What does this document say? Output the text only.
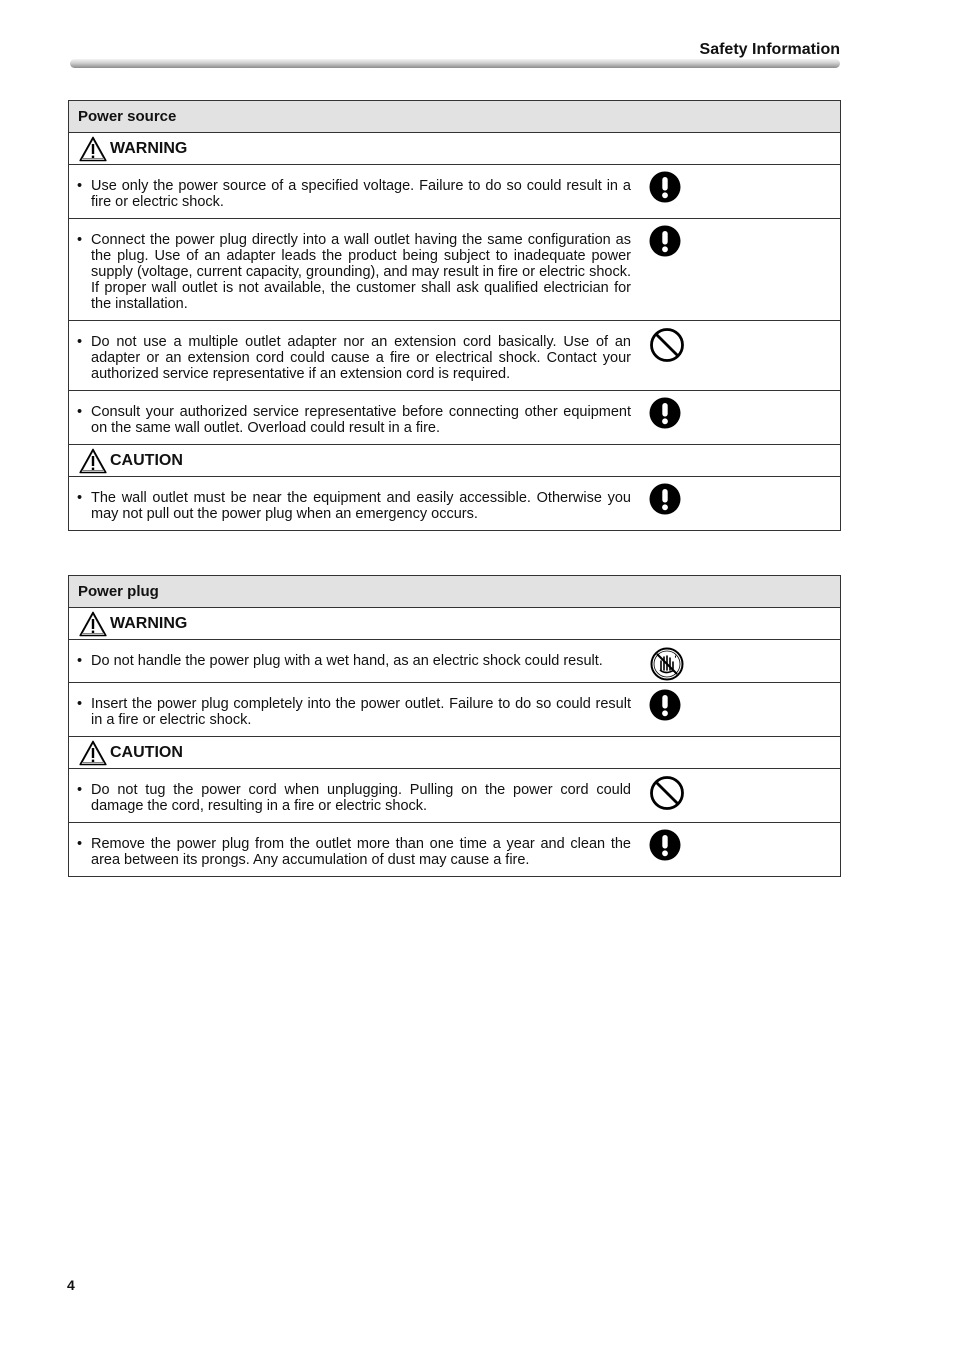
Safety Information
Power source

WARNING

• Use only the power source of a specified voltage. Failure to do so could result in a fire or electric shock.

• Connect the power plug directly into a wall outlet having the same configuration as the plug. Use of an adapter leads the product being subject to inadequate power supply (voltage, current capacity, grounding), and may result in fire or electric shock. If proper wall outlet is not available, the customer shall ask qualified electrician for the installation.

• Do not use a multiple outlet adapter nor an extension cord basically. Use of an adapter or an extension cord could cause a fire or electrical shock. Contact your authorized service representative if an extension cord is required.

• Consult your authorized service representative before connecting other equipment on the same wall outlet. Overload could result in a fire.

CAUTION

• The wall outlet must be near the equipment and easily accessible. Otherwise you may not pull out the power plug when an emergency occurs.
Power plug

WARNING

• Do not handle the power plug with a wet hand, as an electric shock could result.

• Insert the power plug completely into the power outlet. Failure to do so could result in a fire or electric shock.

CAUTION

• Do not tug the power cord when unplugging. Pulling on the power cord could damage the cord, resulting in a fire or electric shock.

• Remove the power plug from the outlet more than one time a year and clean the area between its prongs. Any accumulation of dust may cause a fire.
4
